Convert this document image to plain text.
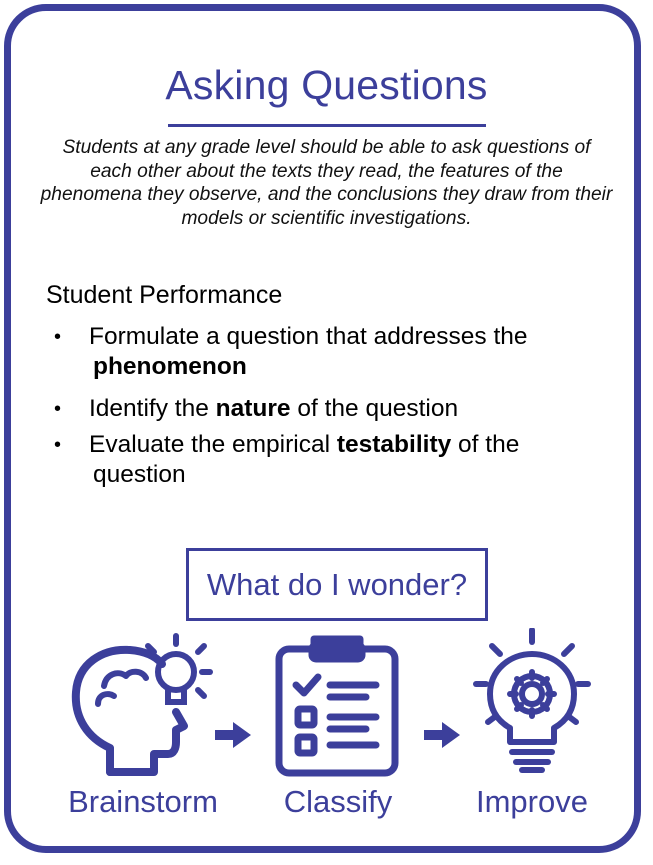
Asking Questions
Students at any grade level should be able to ask questions of each other about the texts they read, the features of the phenomena they observe, and the conclusions they draw from their models or scientific investigations.
Student Performance
• Formulate a question that addresses the
phenomenon
• Identify the nature of the question
• Evaluate the empirical testability of the
question
What do I wonder?
Brainstorm	Classify	Improve
